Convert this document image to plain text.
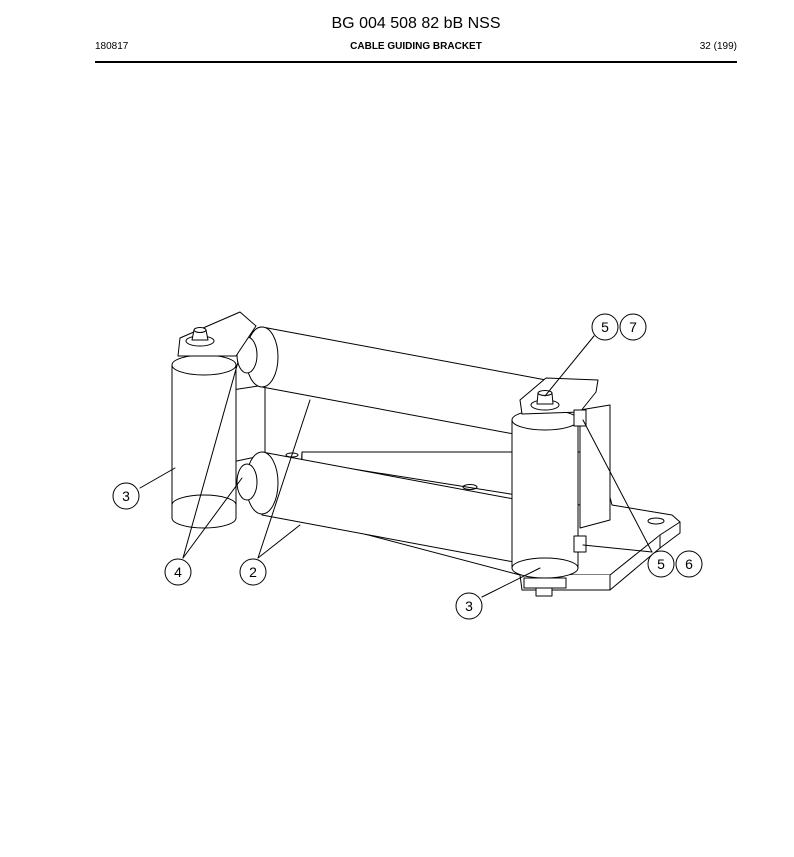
BG 004 508 82 bB NSS
180817	CABLE GUIDING BRACKET	32 (199)
5 7
3
4	2	5 6
3
